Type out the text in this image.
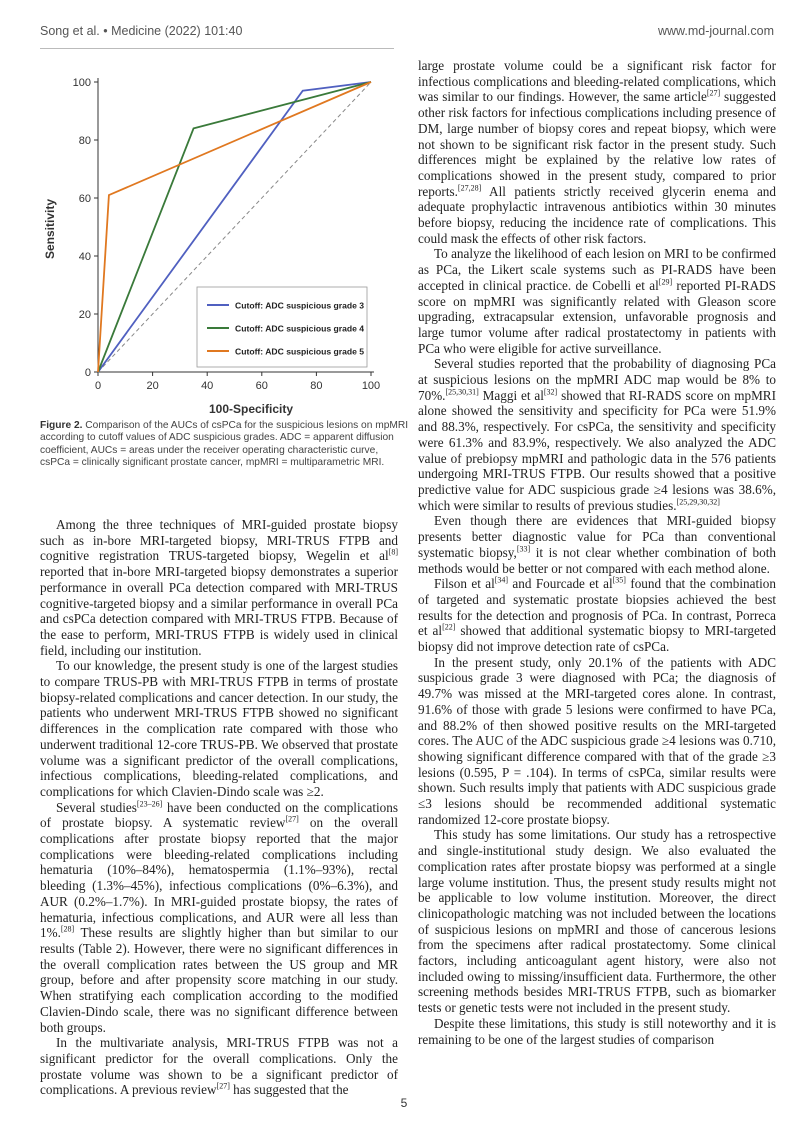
Song et al. • Medicine (2022) 101:40	www.md-journal.com
0	20	40	60	80	100
0
20
40
60
80
100
Cutoff: ADC suspicious grade 3
Cutoff: ADC suspicious grade 4
Cutoff: ADC suspicious grade 5
100-Specificity
Sensitivity
Figure 2. Comparison of the AUCs of csPCa for the suspicious lesions on mpMRI according to cutoff values of ADC suspicious grades. ADC = apparent diffusion coefficient, AUCs = areas under the receiver operating characteristic curve, csPCa = clinically significant prostate cancer, mpMRI = multiparametric MRI.

Among the three techniques of MRI-guided prostate biopsy such as in-bore MRI-targeted biopsy, MRI-TRUS FTPB and cognitive registration TRUS-targeted biopsy, Wegelin et al[8] reported that in-bore MRI-targeted biopsy demonstrates a superior performance in overall PCa detection compared with MRI-TRUS cognitive-targeted biopsy and a similar performance in overall PCa and csPCa detection compared with MRI-TRUS FTPB. Because of the ease to perform, MRI-TRUS FTPB is widely used in clinical field, including our institution.

To our knowledge, the present study is one of the largest studies to compare TRUS-PB with MRI-TRUS FTPB in terms of prostate biopsy-related complications and cancer detection. In our study, the patients who underwent MRI-TRUS FTPB showed no significant differences in the complication rate compared with those who underwent traditional 12-core TRUS-PB. We observed that prostate volume was a significant predictor of the overall complications, infectious complications, bleeding-related complications, and complications for which Clavien-Dindo scale was ≥2.

Several studies[23–26] have been conducted on the complications of prostate biopsy. A systematic review[27] on the overall complications after prostate biopsy reported that the major complications were bleeding-related complications including hematuria (10%–84%), hematospermia (1.1%–93%), rectal bleeding (1.3%–45%), infectious complications (0%–6.3%), and AUR (0.2%–1.7%). In MRI-guided prostate biopsy, the rates of hematuria, infectious complications, and AUR were all less than 1%.[28] These results are slightly higher than but similar to our results (Table 2). However, there were no significant differences in the overall complication rates between the US group and MR group, before and after propensity score matching in our study. When stratifying each complication according to the modified Clavien-Dindo scale, there was no significant difference between both groups.

In the multivariate analysis, MRI-TRUS FTPB was not a significant predictor for the overall complications. Only the prostate volume was shown to be a significant predictor of complications. A previous review[27] has suggested that the

large prostate volume could be a significant risk factor for infectious complications and bleeding-related complications, which was similar to our findings. However, the same article[27] suggested other risk factors for infectious complications including presence of DM, large number of biopsy cores and repeat biopsy, which were not shown to be significant risk factor in the present study. Such differences might be explained by the relative low rates of complications showed in the present study, compared to prior reports.[27,28] All patients strictly received glycerin enema and adequate prophylactic intravenous antibiotics within 30 minutes before biopsy, reducing the incidence rate of complications. This could mask the effects of other risk factors.

To analyze the likelihood of each lesion on MRI to be confirmed as PCa, the Likert scale systems such as PI-RADS have been accepted in clinical practice. de Cobelli et al[29] reported PI-RADS score on mpMRI was significantly related with Gleason score upgrading, extracapsular extension, unfavorable prognosis and large tumor volume after radical prostatectomy in patients with PCa who were eligible for active surveillance.

Several studies reported that the probability of diagnosing PCa at suspicious lesions on the mpMRI ADC map would be 8% to 70%.[25,30,31] Maggi et al[32] showed that RI-RADS score on mpMRI alone showed the sensitivity and specificity for PCa were 51.9% and 88.3%, respectively. For csPCa, the sensitivity and specificity were 61.3% and 83.9%, respectively. We also analyzed the ADC value of prebiopsy mpMRI and pathologic data in the 576 patients undergoing MRI-TRUS FTPB. Our results showed that a positive predictive value for ADC suspicious grade ≥4 lesions was 38.6%, which were similar to results of previous studies.[25,29,30,32]

Even though there are evidences that MRI-guided biopsy presents better diagnostic value for PCa than conventional systematic biopsy,[33] it is not clear whether combination of both methods would be better or not compared with each method alone.

Filson et al[34] and Fourcade et al[35] found that the combination of targeted and systematic prostate biopsies achieved the best results for the detection and prognosis of PCa. In contrast, Porreca et al[22] showed that additional systematic biopsy to MRI-targeted biopsy did not improve detection rate of csPCa.

In the present study, only 20.1% of the patients with ADC suspicious grade 3 were diagnosed with PCa; the diagnosis of 49.7% was missed at the MRI-targeted cores alone. In contrast, 91.6% of those with grade 5 lesions were confirmed to have PCa, and 88.2% of then showed positive results on the MRI-targeted cores. The AUC of the ADC suspicious grade ≥4 lesions was 0.710, showing significant difference compared with that of the grade ≥3 lesions (0.595, P = .104). In terms of csPCa, similar results were shown. Such results imply that patients with ADC suspicious grade ≤3 lesions should be recommended additional systematic randomized 12-core prostate biopsy.

This study has some limitations. Our study has a retrospective and single-institutional study design. We also evaluated the complication rates after prostate biopsy was performed at a single large volume institution. Thus, the present study results might not be applicable to low volume institution. Moreover, the direct clinicopathologic matching was not included between the locations of suspicious lesions on mpMRI and those of cancerous lesions from the specimens after radical prostatectomy. Some clinical factors, including anticoagulant agent history, were also not included owing to missing/insufficient data. Furthermore, the other screening methods besides MRI-TRUS FTPB, such as biomarker tests or genetic tests were not included in the present study.

Despite these limitations, this study is still noteworthy and it is remaining to be one of the largest studies of comparison

5
